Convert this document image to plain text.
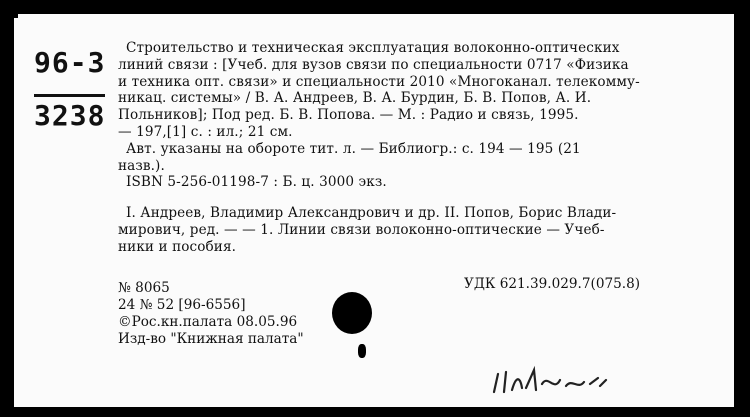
96-3
3238
Строительство и техническая эксплуатация волоконно-оптических
линий связи : [Учеб. для вузов связи по специальности 0717 «Физика
и техника опт. связи» и специальности 2010 «Многоканал. телекомму-
никац. системы» / В. А. Андреев, В. А. Бурдин, Б. В. Попов, А. И.
Польников]; Под ред. Б. В. Попова. — М. : Радио и связь, 1995.
— 197,[1] с. : ил.; 21 см.
Авт. указаны на обороте тит. л. — Библиогр.: с. 194 — 195 (21
назв.).
ISBN 5-256-01198-7 : Б. ц. 3000 экз.
I. Андреев, Владимир Александрович и др. II. Попов, Борис Влади-
мирович, ред. — — 1. Линии связи волоконно-оптические — Учеб-
ники и пособия.
УДК 621.39.029.7(075.8)
№ 8065
24 № 52 [96-6556]
©Рос.кн.палата 08.05.96
Изд-во "Книжная палата"
